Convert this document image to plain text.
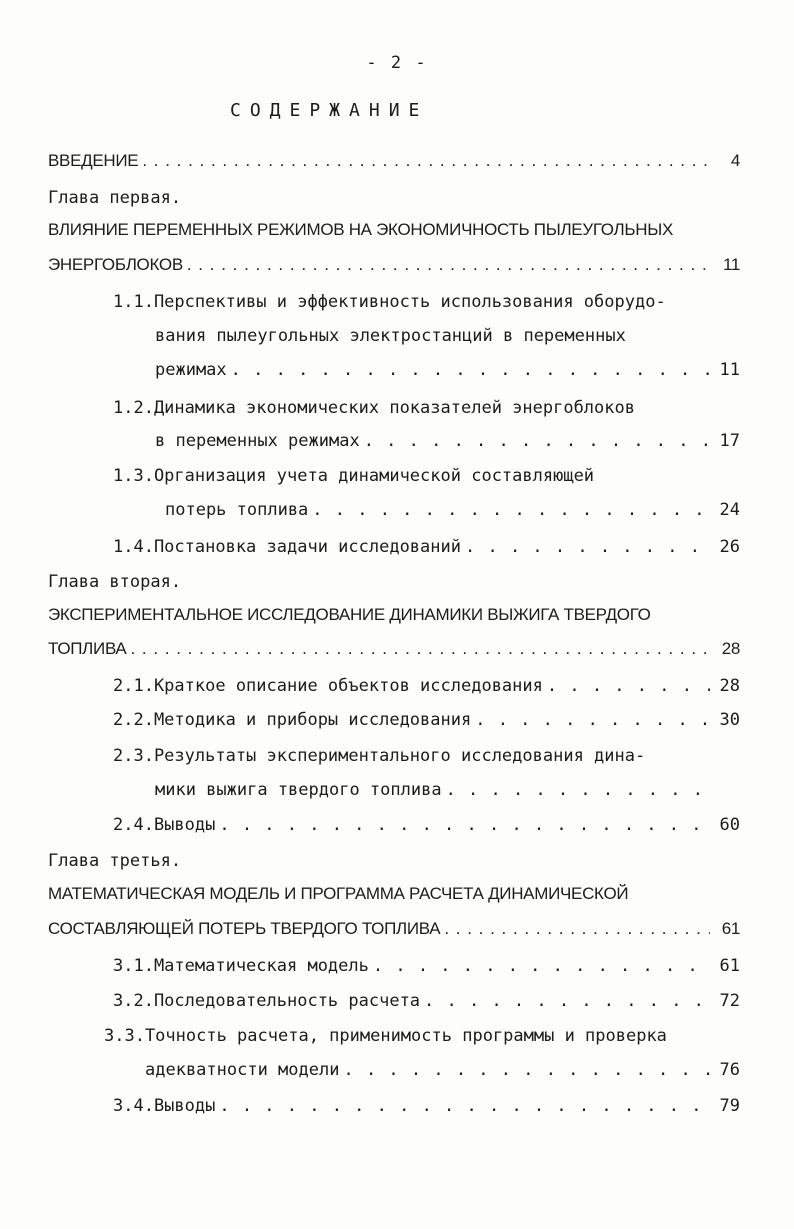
- 2 -
СОДЕРЖАНИЕ
ВВЕДЕНИЕ . . .	4
Глава первая.
ВЛИЯНИЕ ПЕРЕМЕННЫХ РЕЖИМОВ НА ЭКОНОМИЧНОСТЬ ПЫЛЕУГОЛЬНЫХ
ЭНЕРГОБЛОКОВ . . .	11
1.1.Перспективы и эффективность использования оборудо-
вания пылеугольных электростанций в переменных
режимах . . .	11
1.2.Динамика экономических показателей энергоблоков
в переменных режимах . . .	17
1.3.Организация учета динамической составляющей
потерь топлива . . .	24
1.4.Постановка задачи исследований . . .	26
Глава вторая.
ЭКСПЕРИМЕНТАЛЬНОЕ ИССЛЕДОВАНИЕ ДИНАМИКИ ВЫЖИГА ТВЕРДОГО
ТОПЛИВА . . .	28
2.1.Краткое описание объектов исследования . . .	28
2.2.Методика и приборы исследования . . .	30
2.3.Результаты экспериментального исследования дина-
мики выжига твердого топлива
. . .
2.4.Выводы . . .	60
Глава третья.
МАТЕМАТИЧЕСКАЯ МОДЕЛЬ И ПРОГРАММА РАСЧЕТА ДИНАМИЧЕСКОЙ
СОСТАВЛЯЮЩЕЙ ПОТЕРЬ ТВЕРДОГО ТОПЛИВА . . .	61
3.1.Математическая модель . . .	61
3.2.Последовательность расчета . . .	72
3.3.Точность расчета, применимость программы и проверка
адекватности модели . . .	76
3.4.Выводы . . .	79
